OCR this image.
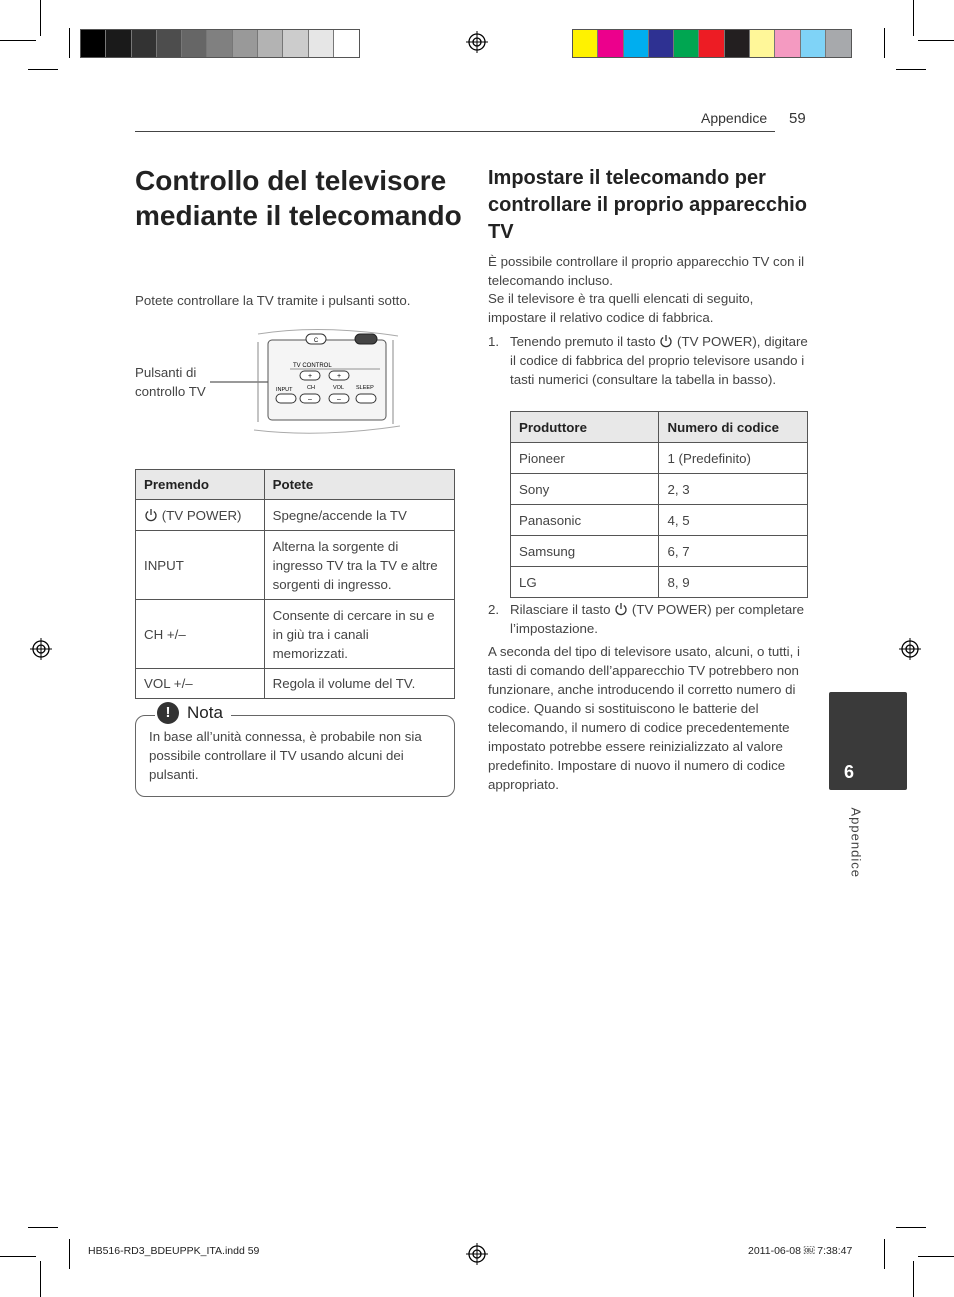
Appendice 59
Controllo del televisore mediante il telecomando

Potete controllare la TV tramite i pulsanti sotto.

Pulsanti di controllo TV
C
TV CONTROL
+	+
INPUT	CH	VOL SLEEP
–	–
Premendo	Potete
(TV POWER)	Spegne/accende la TV
INPUT	Alterna la sorgente di ingresso TV tra la TV e altre sorgenti di ingresso.
CH +/–	Consente di cercare in su e in giù tra i canali memorizzati.
VOL +/–	Regola il volume del TV.
! Nota

In base all’unità connessa, è probabile non sia possibile controllare il TV usando alcuni dei pulsanti.

Impostare il telecomando per controllare il proprio apparecchio TV

È possibile controllare il proprio apparecchio TV con il telecomando incluso.

Se il televisore è tra quelli elencati di seguito, impostare il relativo codice di fabbrica.

1. Tenendo premuto il tasto (TV POWER), digitare il codice di fabbrica del proprio televisore usando i tasti numerici (consultare la tabella in basso).
Produttore	Numero di codice
Pioneer	1 (Predefinito)
Sony	2, 3
Panasonic	4, 5
Samsung	6, 7
LG	8, 9
2. Rilasciare il tasto (TV POWER) per completare l’impostazione.

A seconda del tipo di televisore usato, alcuni, o tutti, i tasti di comando dell’apparecchio TV potrebbero non funzionare, anche introducendo il corretto numero di codice. Quando si sostituiscono le batterie del telecomando, il numero di codice precedentemente impostato potrebbe essere reinizializzato al valore predefinito. Impostare di nuovo il numero di codice appropriato.

6
Appendice
HB516-RD3_BDEUPPK_ITA.indd 59	2011-06-08 ￼ 7:38:47
